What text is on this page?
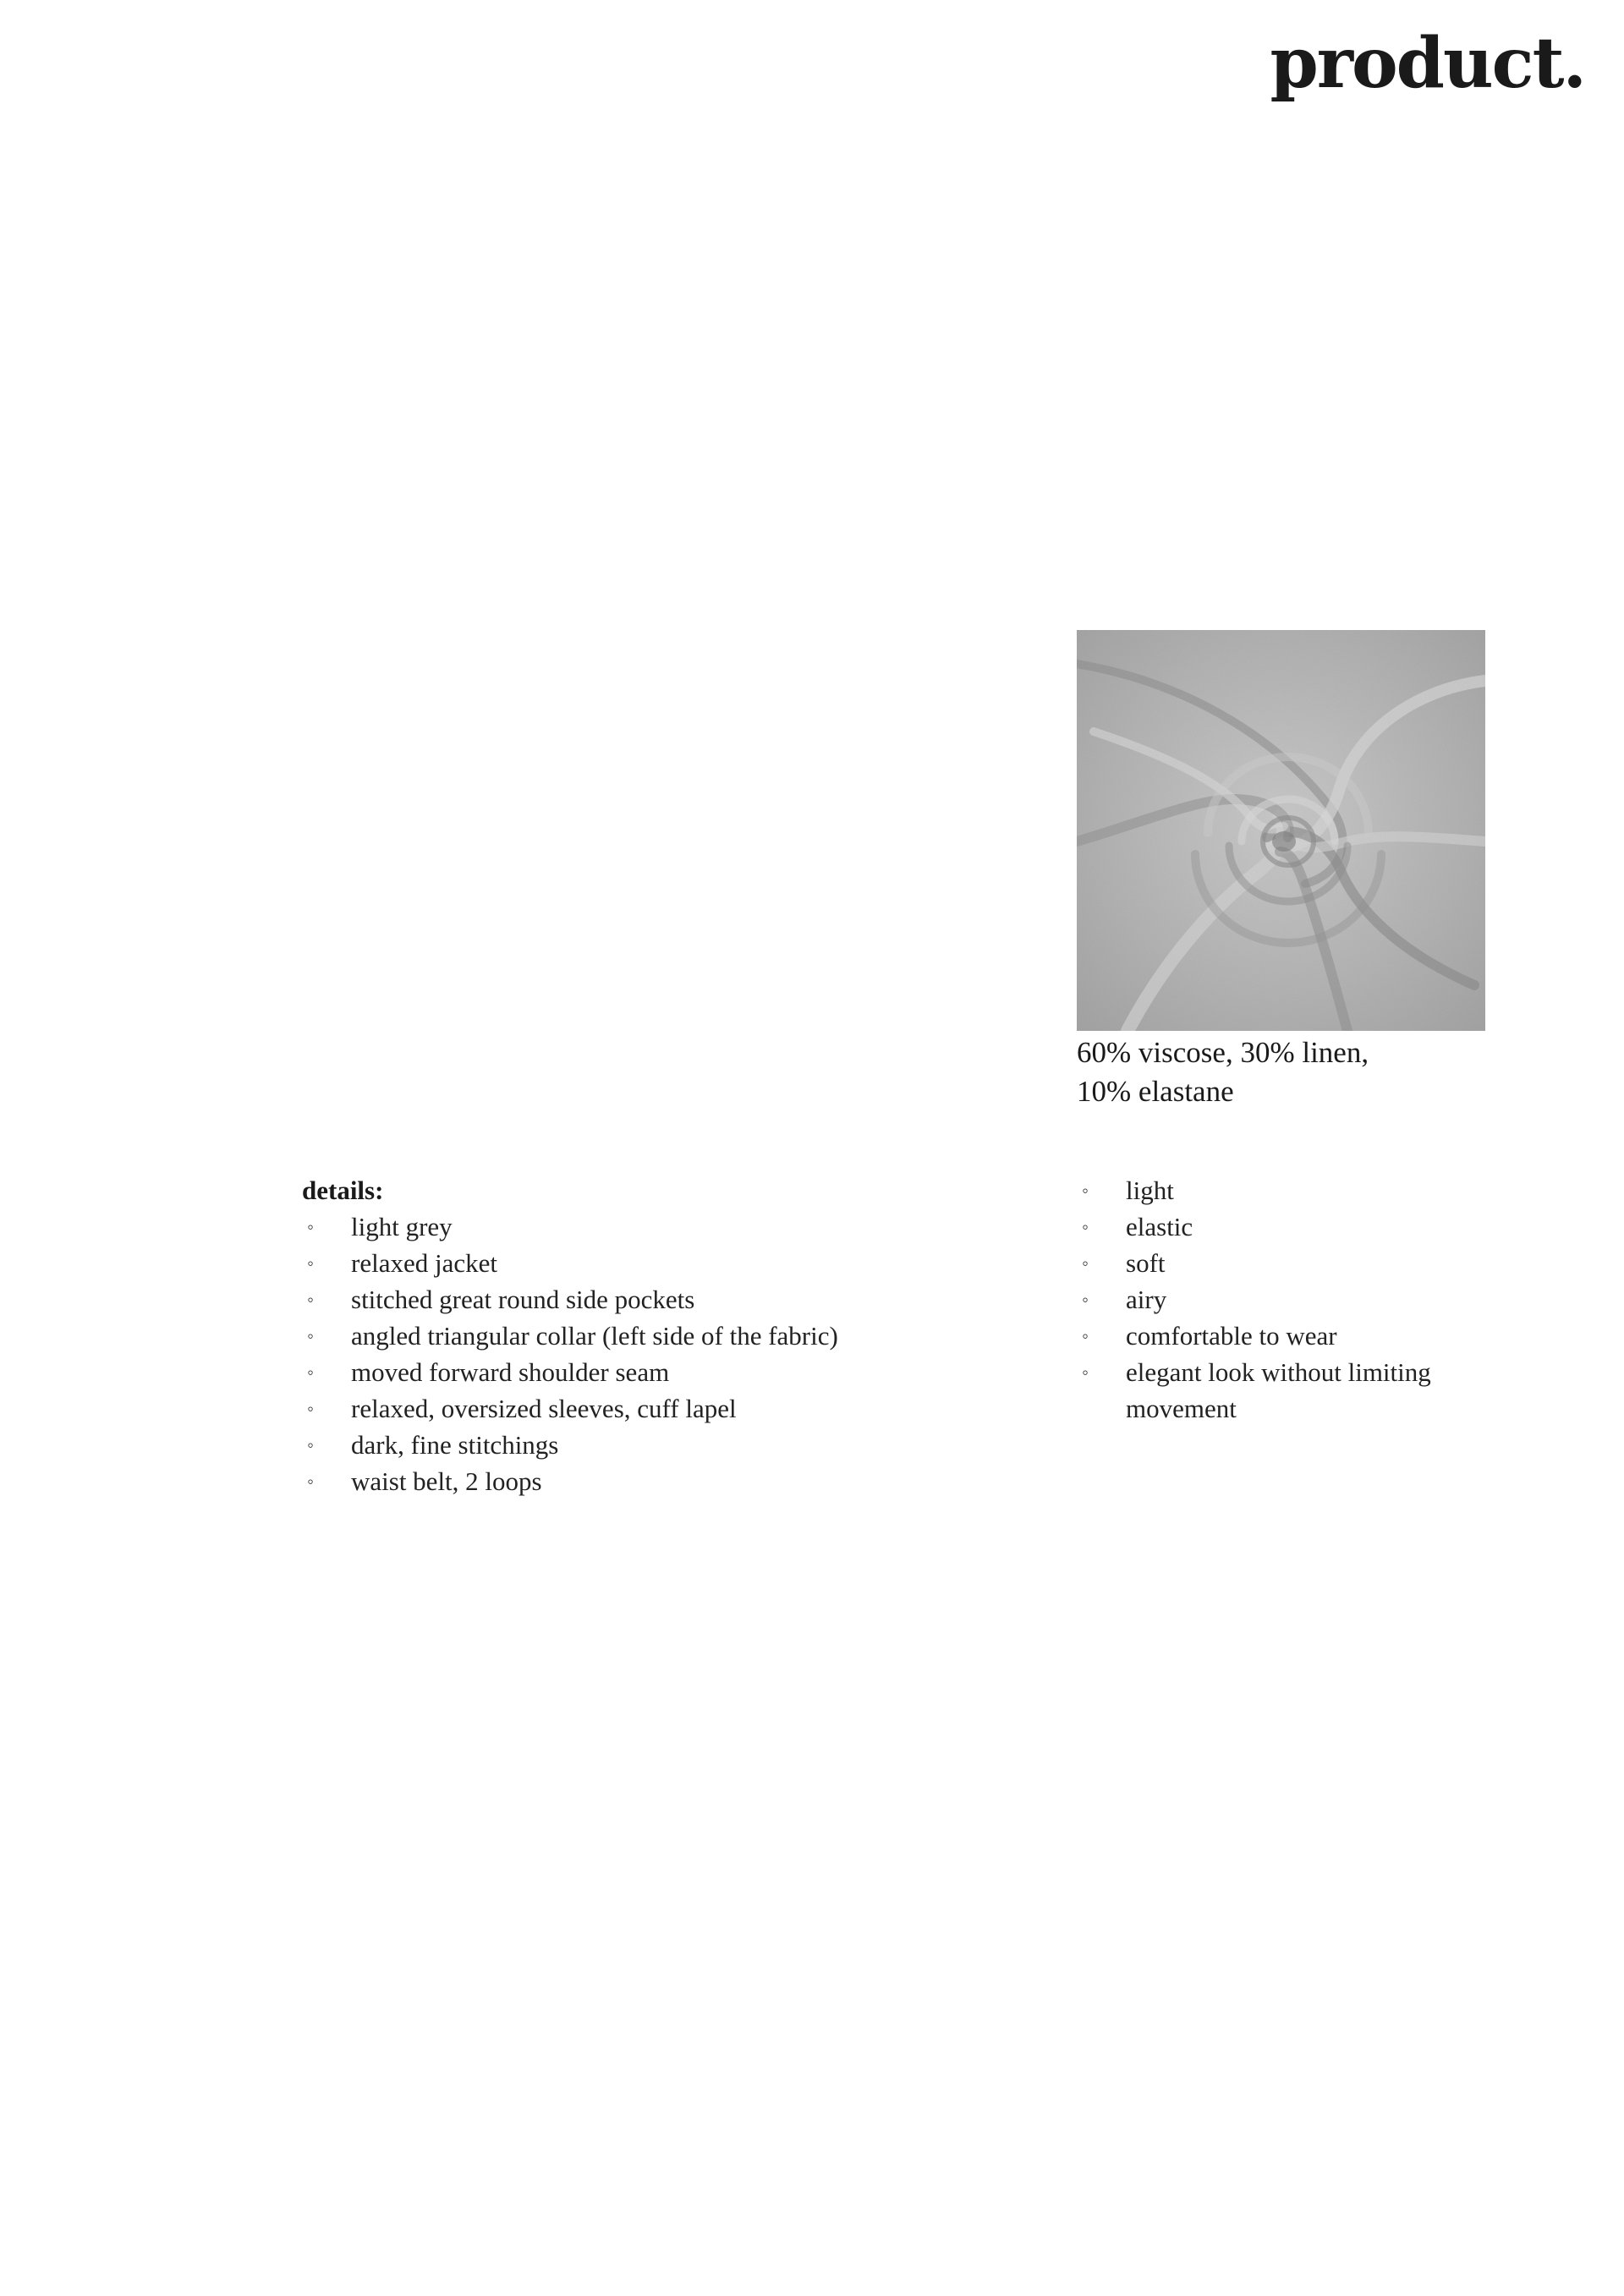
product.
60% viscose, 30% linen,
10% elastane
details:
◦ light grey
◦ relaxed jacket
◦ stitched great round side pockets
◦ angled triangular collar (left side of the fabric)
◦ moved forward shoulder seam
◦ relaxed, oversized sleeves, cuff lapel
◦ dark, fine stitchings
◦ waist belt, 2 loops
◦ light
◦ elastic
◦ soft
◦ airy
◦ comfortable to wear
◦ elegant look without limiting movement
